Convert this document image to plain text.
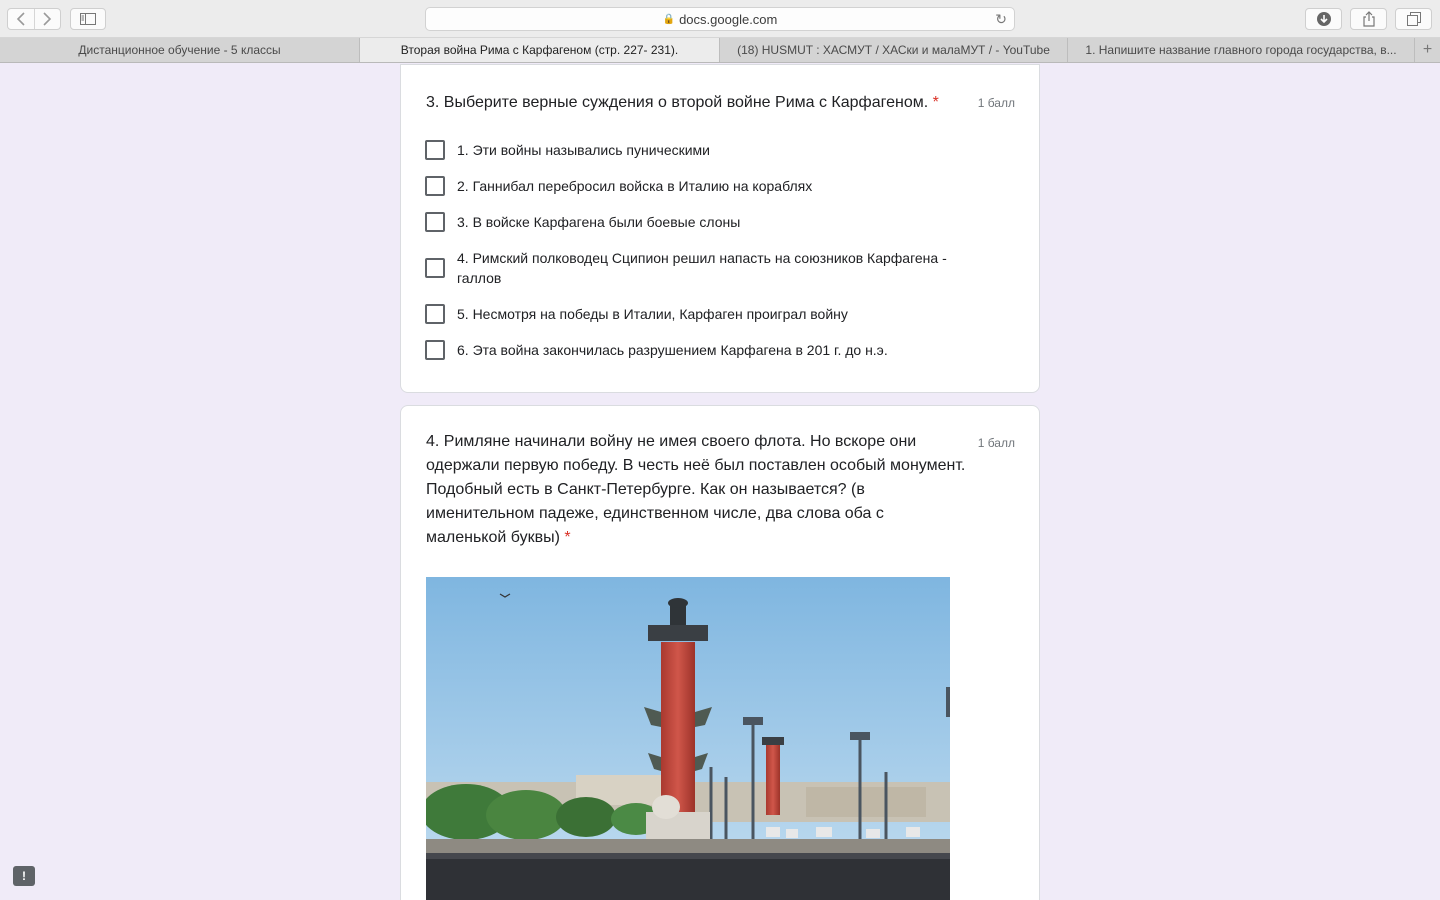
🔒 docs.google.com	↻
Дистанционное обучение - 5 классы	Вторая война Рима с Карфагеном (стр. 227- 231).	(18) HUSMUT : ХАСМУТ / ХАСки и малаМУТ / - YouTube	1. Напишите название главного города государства, в...	+
3. Выберите верные суждения о второй войне Рима с Карфагеном. *	1 балл
1. Эти войны назывались пуническими
2. Ганнибал перебросил войска в Италию на кораблях
3. В войске Карфагена были боевые слоны
4. Римский полководец Сципион решил напасть на союзников Карфагена - галлов
5. Несмотря на победы в Италии, Карфаген проиграл войну
6. Эта война закончилась разрушением Карфагена в 201 г. до н.э.
4. Римляне начинали войну не имея своего флота. Но вскоре они одержали первую победу. В честь неё был поставлен особый монумент. Подобный есть в Санкт-Петербурге. Как он называется? (в именительном падеже, единственном числе, два слова оба с маленькой буквы) *
1 балл
!
